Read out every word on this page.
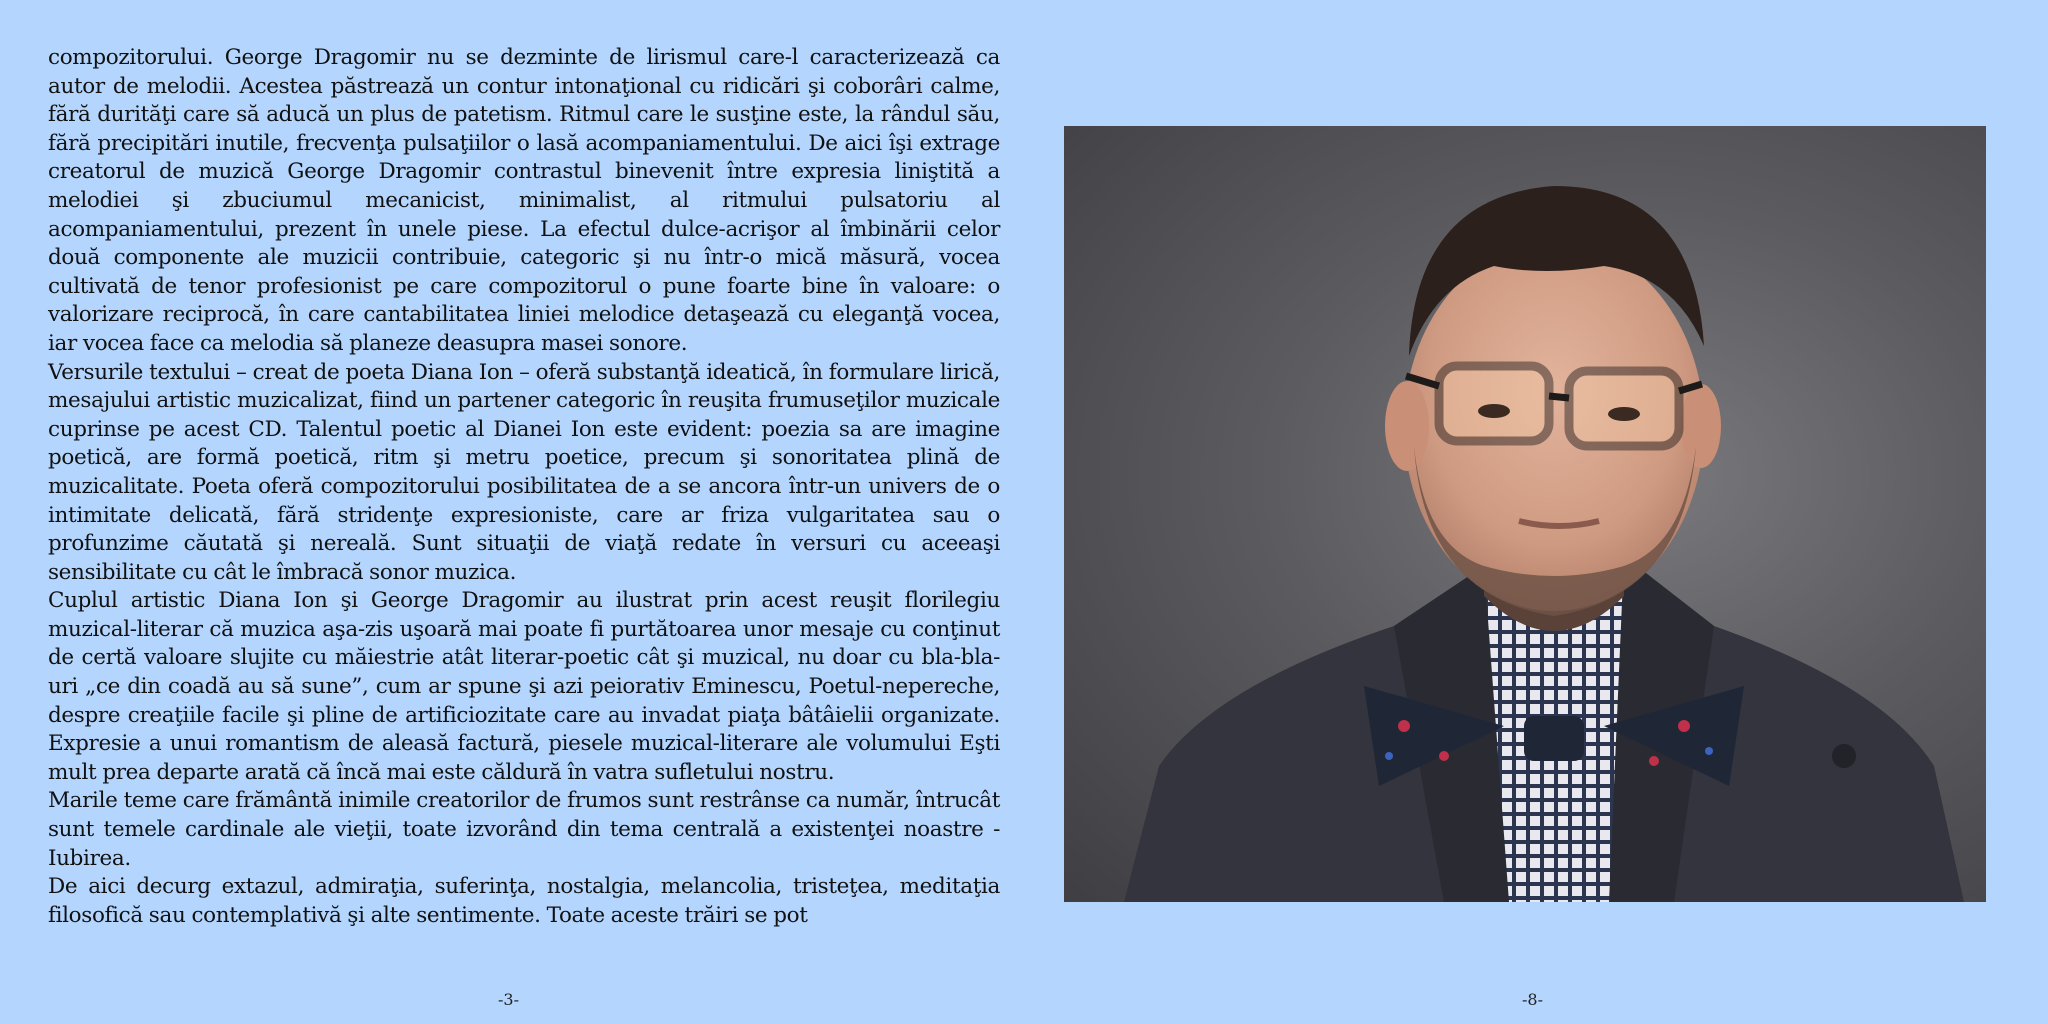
compozitorului. George Dragomir nu se dezminte de lirismul care-l caracterizează ca autor de melodii. Acestea păstrează un contur intonaţional cu ridicări şi coborâri calme, fără durităţi care să aducă un plus de patetism. Ritmul care le susţine este, la rândul său, fără precipitări inutile, frecvenţa pulsaţiilor o lasă acompaniamentului. De aici îşi extrage creatorul de muzică George Dragomir contrastul binevenit între expresia liniştită a melodiei şi zbuciumul mecanicist, minimalist, al ritmului pulsatoriu al acompaniamentului, prezent în unele piese. La efectul dulce-acrişor al îmbinării celor două componente ale muzicii contribuie, categoric şi nu într-o mică măsură, vocea cultivată de tenor profesionist pe care compozitorul o pune foarte bine în valoare: o valorizare reciprocă, în care cantabilitatea liniei melodice detaşează cu eleganţă vocea, iar vocea face ca melodia să planeze deasupra masei sonore.

Versurile textului – creat de poeta Diana Ion – oferă substanţă ideatică, în formulare lirică, mesajului artistic muzicalizat, fiind un partener categoric în reuşita frumuseţilor muzicale cuprinse pe acest CD. Talentul poetic al Dianei Ion este evident: poezia sa are imagine poetică, are formă poetică, ritm şi metru poetice, precum şi sonoritatea plină de muzicalitate. Poeta oferă compozitorului posibilitatea de a se ancora într-un univers de o intimitate delicată, fără stridenţe expresioniste, care ar friza vulgaritatea sau o profunzime căutată şi nereală. Sunt situaţii de viaţă redate în versuri cu aceeaşi sensibilitate cu cât le îmbracă sonor muzica.

Cuplul artistic Diana Ion şi George Dragomir au ilustrat prin acest reuşit florilegiu muzical-literar că muzica aşa-zis uşoară mai poate fi purtătoarea unor mesaje cu conţinut de certă valoare slujite cu măiestrie atât literar-poetic cât şi muzical, nu doar cu bla-bla-uri „ce din coadă au să sune”, cum ar spune şi azi peiorativ Eminescu, Poetul-nepereche, despre creaţiile facile şi pline de artificiozitate care au invadat piaţa bâtâielii organizate. Expresie a unui romantism de aleasă factură, piesele muzical-literare ale volumului Eşti mult prea departe arată că încă mai este căldură în vatra sufletului nostru.

Marile teme care frământă inimile creatorilor de frumos sunt restrânse ca număr, întrucât sunt temele cardinale ale vieţii, toate izvorând din tema centrală a existenţei noastre - Iubirea.

De aici decurg extazul, admiraţia, suferinţa, nostalgia, melancolia, tristeţea, meditaţia filosofică sau contemplativă şi alte sentimente. Toate aceste trăiri se pot

-3-	-8-
